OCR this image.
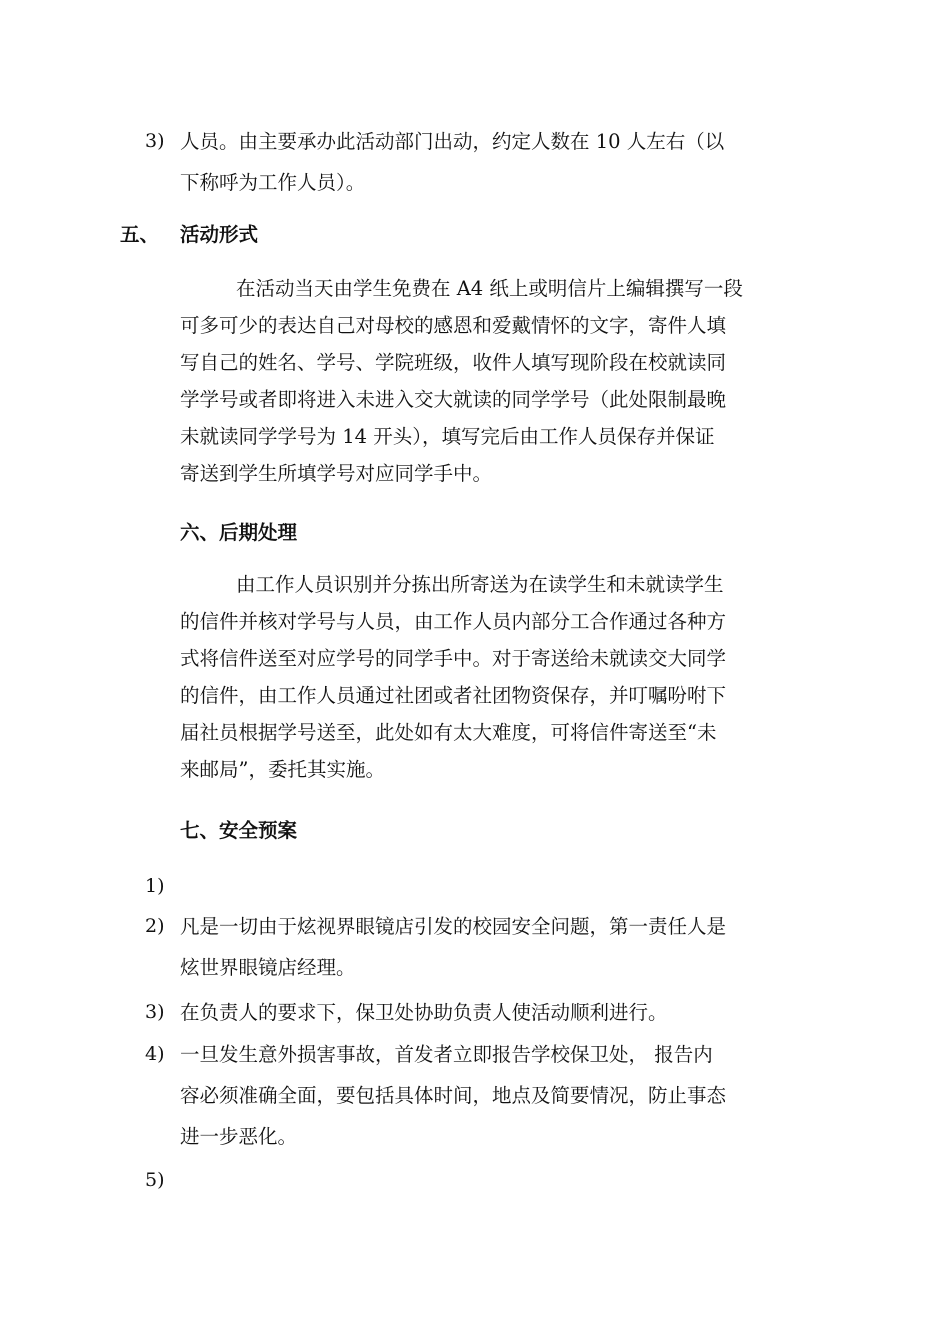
3) 人员。由主要承办此活动部门出动，约定人数在 10 人左右（以
下称呼为工作人员）。
五、 活动形式
在活动当天由学生免费在 A4 纸上或明信片上编辑撰写一段
可多可少的表达自己对母校的感恩和爱戴情怀的文字，寄件人填
写自己的姓名、学号、学院班级，收件人填写现阶段在校就读同
学学号或者即将进入未进入交大就读的同学学号（此处限制最晚
未就读同学学号为 14 开头），填写完后由工作人员保存并保证
寄送到学生所填学号对应同学手中。
六、后期处理
由工作人员识别并分拣出所寄送为在读学生和未就读学生
的信件并核对学号与人员，由工作人员内部分工合作通过各种方
式将信件送至对应学号的同学手中。对于寄送给未就读交大同学
的信件，由工作人员通过社团或者社团物资保存，并叮嘱吩咐下
届社员根据学号送至，此处如有太大难度，可将信件寄送至“未
来邮局”，委托其实施。
七、安全预案
1)
2) 凡是一切由于炫视界眼镜店引发的校园安全问题，第一责任人是
炫世界眼镜店经理。
3) 在负责人的要求下，保卫处协助负责人使活动顺利进行。
4) 一旦发生意外损害事故，首发者立即报告学校保卫处， 报告内
容必须准确全面，要包括具体时间，地点及简要情况，防止事态
进一步恶化。
5)
